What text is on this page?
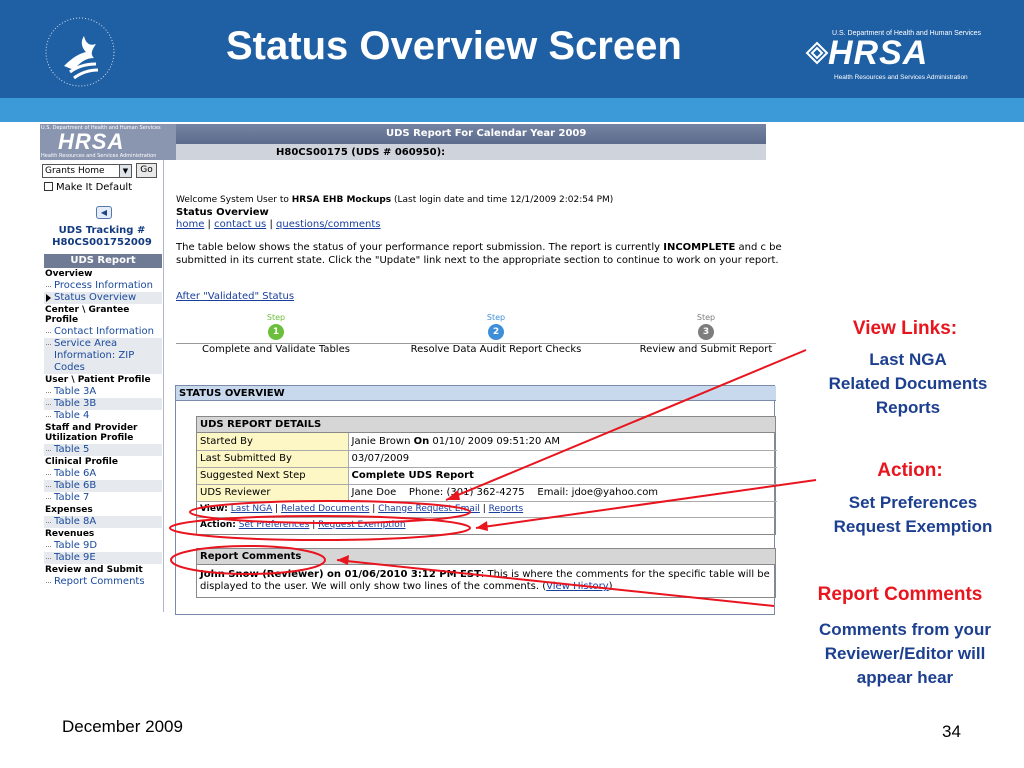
Status Overview Screen	U.S. Department of Health and Human Services
HRSA
Health Resources and Services Administration
UDS Report For Calendar Year 2009
H80CS00175 (UDS # 060950):
U.S. Department of Health and Human Services
HRSA
Health Resources and Services Administration
Grants Home	▼	Go
Make It Default
◀
UDS Tracking #
H80CS001752009
UDS Report
Overview
Process Information
Status Overview
Center \ Grantee Profile
Contact Information
Service Area Information: ZIP Codes
User \ Patient Profile
Table 3A
Table 3B
Table 4
Staff and Provider Utilization Profile
Table 5
Clinical Profile
Table 6A
Table 6B
Table 7
Expenses
Table 8A
Revenues
Table 9D
Table 9E
Review and Submit
Report Comments
Welcome System User to HRSA EHB Mockups (Last login date and time 12/1/2009 2:02:54 PM)
Status Overview
home | contact us | questions/comments
The table below shows the status of your performance report submission. The report is currently INCOMPLETE and c be submitted in its current state. Click the "Update" link next to the appropriate section to continue to work on your report.
After "Validated" Status
Step
1
Complete and Validate Tables
Step
2
Resolve Data Audit Report Checks
Step
3
Review and Submit Report
STATUS OVERVIEW
UDS REPORT DETAILS
Started By	Janie Brown On 01/10/ 2009 09:51:20 AM
Last Submitted By	03/07/2009
Suggested Next Step	Complete UDS Report
UDS Reviewer	Jane Doe    Phone: (301) 362-4275    Email: jdoe@yahoo.com
View: Last NGA | Related Documents | Change Request Email | Reports
Action: Set Preferences | Request Exemption
Report Comments
John Snow (Reviewer) on 01/06/2010 3:12 PM EST: This is where the comments for the specific table will be
displayed to the user. We will only show two lines of the comments. (View History)
View Links:
Last NGA
Related Documents
Reports
Action:
Set Preferences
Request Exemption
Report Comments
Comments from your
Reviewer/Editor will
appear hear
December 2009	34
